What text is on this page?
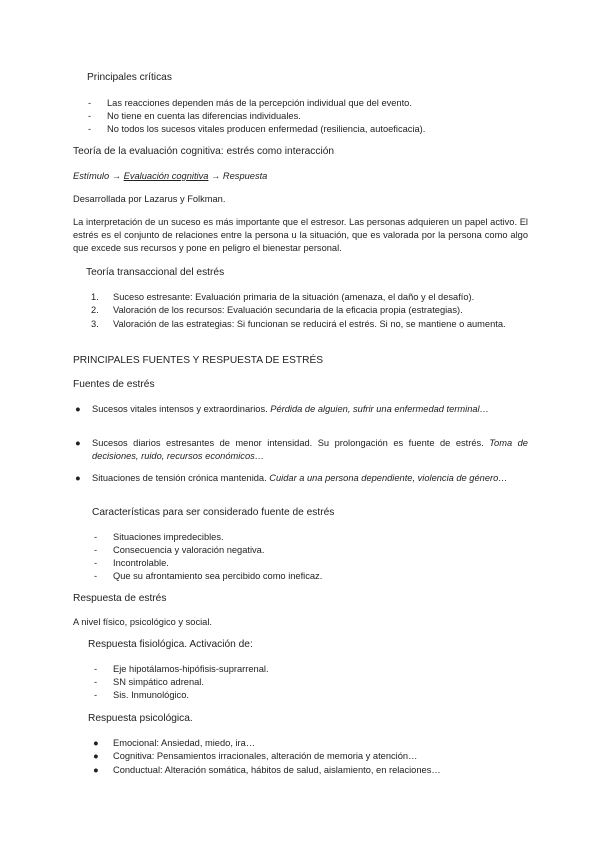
Principales críticas
- Las reacciones dependen más de la percepción individual que del evento.
- No tiene en cuenta las diferencias individuales.
- No todos los sucesos vitales producen enfermedad (resiliencia, autoeficacia).
Teoría de la evaluación cognitiva: estrés como interacción
Estímulo → Evaluación cognitiva → Respuesta
Desarrollada por Lazarus y Folkman.
La interpretación de un suceso es más importante que el estresor. Las personas adquieren un papel activo. El estrés es el conjunto de relaciones entre la persona u la situación, que es valorada por la persona como algo que excede sus recursos y pone en peligro el bienestar personal.
Teoría transaccional del estrés
1. Suceso estresante: Evaluación primaria de la situación (amenaza, el daño y el desafío).
2. Valoración de los recursos: Evaluación secundaria de la eficacia propia (estrategias).
3. Valoración de las estrategias: Si funcionan se reducirá el estrés. Si no, se mantiene o aumenta.
PRINCIPALES FUENTES Y RESPUESTA DE ESTRÉS
Fuentes de estrés
● Sucesos vitales intensos y extraordinarios. Pérdida de alguien, sufrir una enfermedad terminal…
● Sucesos diarios estresantes de menor intensidad. Su prolongación es fuente de estrés. Toma de decisiones, ruido, recursos económicos…
● Situaciones de tensión crónica mantenida. Cuidar a una persona dependiente, violencia de género…
Características para ser considerado fuente de estrés
- Situaciones impredecibles.
- Consecuencia y valoración negativa.
- Incontrolable.
- Que su afrontamiento sea percibido como ineficaz.
Respuesta de estrés
A nivel físico, psicológico y social.
Respuesta fisiológica. Activación de:
- Eje hipotálamos-hipófisis-suprarrenal.
- SN simpático adrenal.
- Sis. Inmunológico.
Respuesta psicológica.
● Emocional: Ansiedad, miedo, ira…
● Cognitiva: Pensamientos irracionales, alteración de memoria y atención…
● Conductual: Alteración somática, hábitos de salud, aislamiento, en relaciones…
